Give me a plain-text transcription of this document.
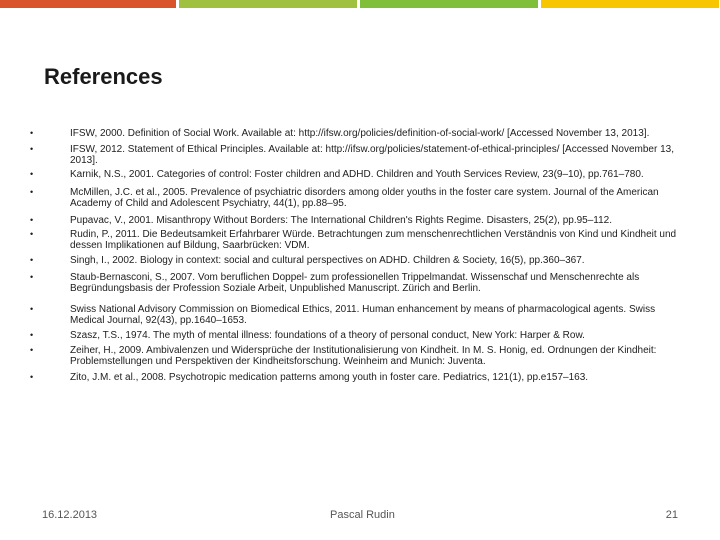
References
•	IFSW, 2000. Definition of Social Work. Available at: http://ifsw.org/policies/definition-of-social-work/ [Accessed November 13, 2013].
•	IFSW, 2012. Statement of Ethical Principles. Available at: http://ifsw.org/policies/statement-of-ethical-principles/ [Accessed November 13, 2013].
•	Karnik, N.S., 2001. Categories of control: Foster children and ADHD. Children and Youth Services Review, 23(9–10), pp.761–780.
•	McMillen, J.C. et al., 2005. Prevalence of psychiatric disorders among older youths in the foster care system. Journal of the American Academy of Child and Adolescent Psychiatry, 44(1), pp.88–95.
•	Pupavac, V., 2001. Misanthropy Without Borders: The International Children's Rights Regime. Disasters, 25(2), pp.95–112.
•	Rudin, P., 2011. Die Bedeutsamkeit Erfahrbarer Würde. Betrachtungen zum menschenrechtlichen Verständnis von Kind und Kindheit und dessen Implikationen auf Bildung, Saarbrücken: VDM.
•	Singh, I., 2002. Biology in context: social and cultural perspectives on ADHD. Children & Society, 16(5), pp.360–367.
•	Staub-Bernasconi, S., 2007. Vom beruflichen Doppel- zum professionellen Trippelmandat. Wissenschaf und Menschenrechte als Begründungsbasis der Profession Soziale Arbeit, Unpublished Manuscript. Zürich and Berlin.
•	Swiss National Advisory Commission on Biomedical Ethics, 2011. Human enhancement by means of pharmacological agents. Swiss Medical Journal, 92(43), pp.1640–1653.
•	Szasz, T.S., 1974. The myth of mental illness: foundations of a theory of personal conduct, New York: Harper & Row.
•	Zeiher, H., 2009. Ambivalenzen und Widersprüche der Institutionalisierung von Kindheit. In M. S. Honig, ed. Ordnungen der Kindheit: Problemstellungen und Perspektiven der Kindheitsforschung. Weinheim and Munich: Juventa.
•	Zito, J.M. et al., 2008. Psychotropic medication patterns among youth in foster care. Pediatrics, 121(1), pp.e157–163.
16.12.2013	Pascal Rudin	21
